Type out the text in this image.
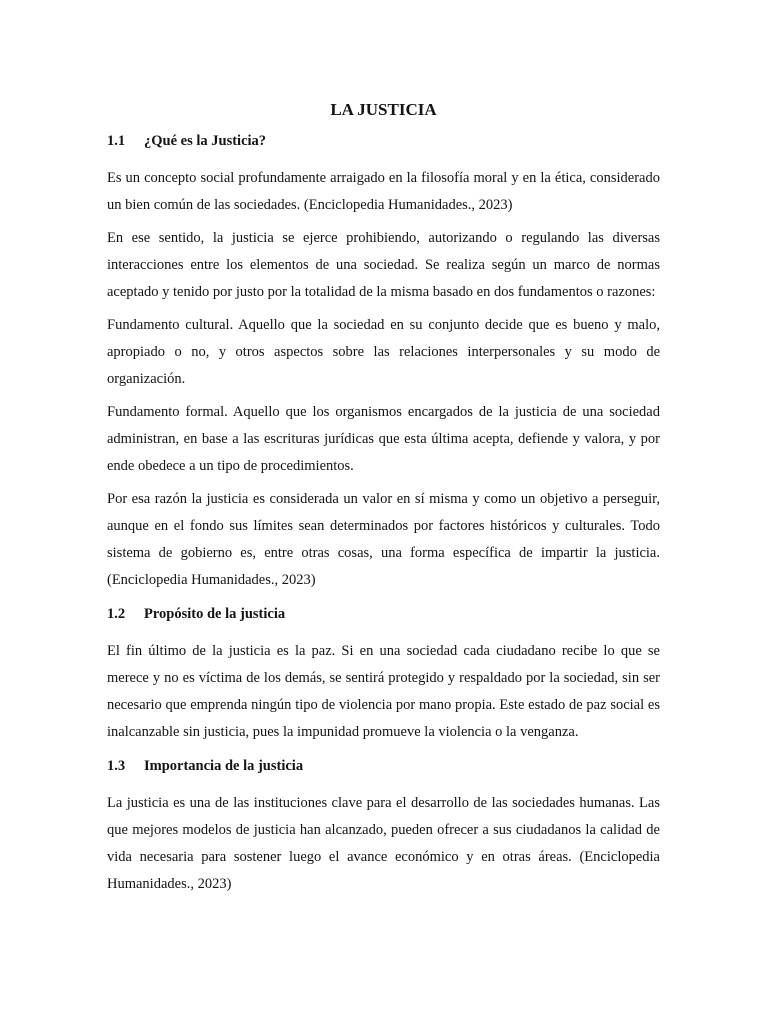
LA JUSTICIA
1.1	¿Qué es la Justicia?

Es un concepto social profundamente arraigado en la filosofía moral y en la ética, considerado un bien común de las sociedades. (Enciclopedia Humanidades., 2023)

En ese sentido, la justicia se ejerce prohibiendo, autorizando o regulando las diversas interacciones entre los elementos de una sociedad. Se realiza según un marco de normas aceptado y tenido por justo por la totalidad de la misma basado en dos fundamentos o razones:

Fundamento cultural. Aquello que la sociedad en su conjunto decide que es bueno y malo, apropiado o no, y otros aspectos sobre las relaciones interpersonales y su modo de organización.

Fundamento formal. Aquello que los organismos encargados de la justicia de una sociedad administran, en base a las escrituras jurídicas que esta última acepta, defiende y valora, y por ende obedece a un tipo de procedimientos.

Por esa razón la justicia es considerada un valor en sí misma y como un objetivo a perseguir, aunque en el fondo sus límites sean determinados por factores históricos y culturales. Todo sistema de gobierno es, entre otras cosas, una forma específica de impartir la justicia. (Enciclopedia Humanidades., 2023)

1.2	Propósito de la justicia

El fin último de la justicia es la paz. Si en una sociedad cada ciudadano recibe lo que se merece y no es víctima de los demás, se sentirá protegido y respaldado por la sociedad, sin ser necesario que emprenda ningún tipo de violencia por mano propia. Este estado de paz social es inalcanzable sin justicia, pues la impunidad promueve la violencia o la venganza.

1.3	Importancia de la justicia

La justicia es una de las instituciones clave para el desarrollo de las sociedades humanas. Las que mejores modelos de justicia han alcanzado, pueden ofrecer a sus ciudadanos la calidad de vida necesaria para sostener luego el avance económico y en otras áreas. (Enciclopedia Humanidades., 2023)
